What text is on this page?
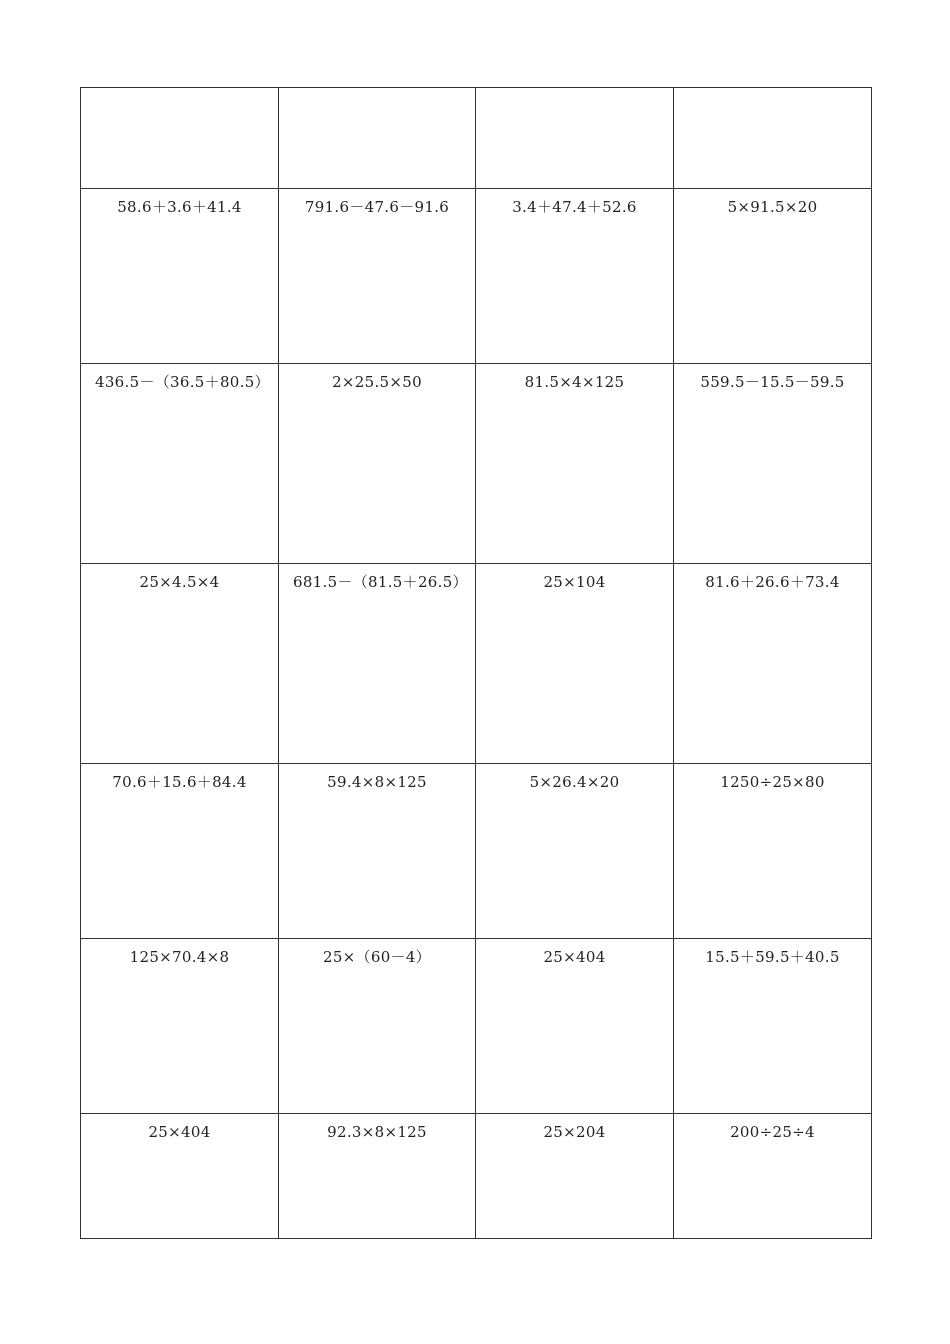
58.6＋3.6＋41.4	791.6－47.6－91.6	3.4＋47.4＋52.6	5×91.5×20
436.5－（36.5＋80.5）	2×25.5×50	81.5×4×125	559.5－15.5－59.5
25×4.5×4	681.5－（81.5＋26.5）	25×104	81.6＋26.6＋73.4
70.6＋15.6＋84.4	59.4×8×125	5×26.4×20	1250÷25×80
125×70.4×8	25×（60－4）	25×404	15.5＋59.5＋40.5
25×404	92.3×8×125	25×204	200÷25÷4
